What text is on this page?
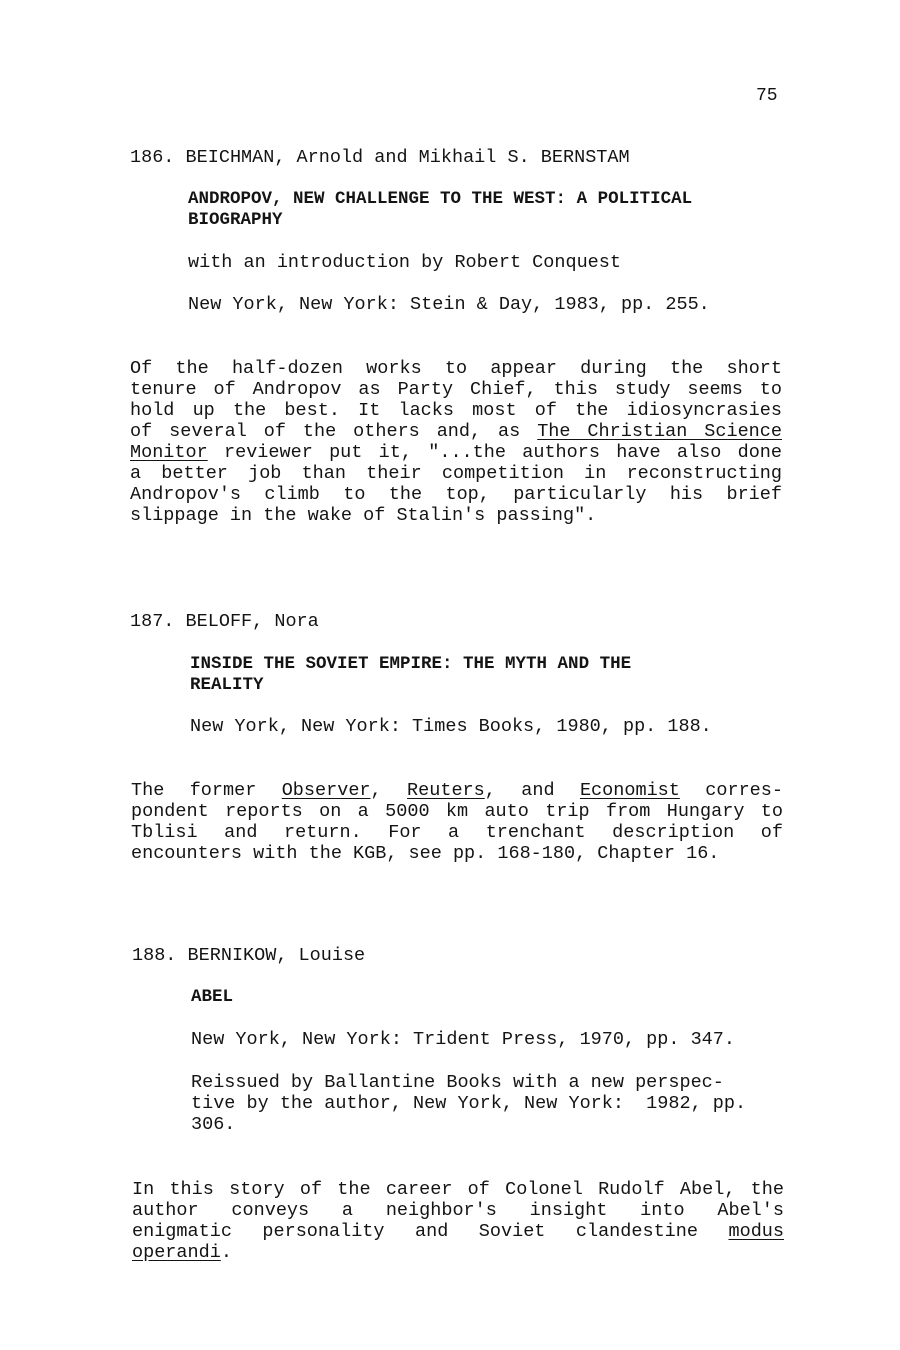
75
186. BEICHMAN, Arnold and Mikhail S. BERNSTAM
ANDROPOV, NEW CHALLENGE TO THE WEST: A POLITICAL
BIOGRAPHY
with an introduction by Robert Conquest
New York, New York: Stein & Day, 1983, pp. 255.
Of the half-dozen works to appear during the short
tenure of Andropov as Party Chief, this study seems to
hold up the best. It lacks most of the idiosyncrasies
of several of the others and, as The Christian Science
Monitor reviewer put it, "...the authors have also done
a better job than their competition in reconstructing
Andropov's climb to the top, particularly his brief
slippage in the wake of Stalin's passing".
187. BELOFF, Nora
INSIDE THE SOVIET EMPIRE: THE MYTH AND THE
REALITY
New York, New York: Times Books, 1980, pp. 188.
The former Observer, Reuters, and Economist corres-
pondent reports on a 5000 km auto trip from Hungary to
Tblisi and return. For a trenchant description of
encounters with the KGB, see pp. 168-180, Chapter 16.
188. BERNIKOW, Louise
ABEL
New York, New York: Trident Press, 1970, pp. 347.
Reissued by Ballantine Books with a new perspec-
tive by the author, New York, New York:  1982, pp.
306.
In this story of the career of Colonel Rudolf Abel, the
author conveys a neighbor's insight into Abel's
enigmatic personality and Soviet clandestine modus
operandi.
